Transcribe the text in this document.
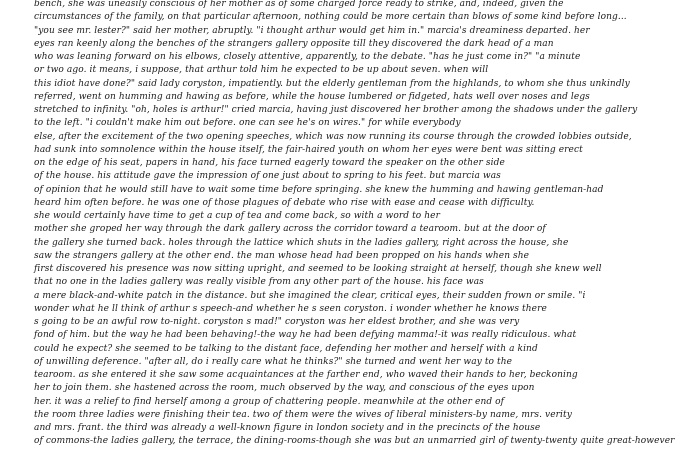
bench, she was uneasily conscious of her mother as of some charged force ready to strike, and, indeed, given the
circumstances of the family, on that particular afternoon, nothing could be more certain than blows of some kind before long...
"you see mr. lester?" said her mother, abruptly. "i thought arthur would get him in." marcia's dreaminess departed. her
eyes ran keenly along the benches of the strangers gallery opposite till they discovered the dark head of a man
who was leaning forward on his elbows, closely attentive, apparently, to the debate. "has he just come in?" "a minute
or two ago. it means, i suppose, that arthur told him he expected to be up about seven. when will
this idiot have done?" said lady coryston, impatiently. but the elderly gentleman from the highlands, to whom she thus unkindly
referred, went on humming and hawing as before, while the house lumbered or fidgeted, hats well over noses and legs
stretched to infinity. "oh, holes is arthur!" cried marcia, having just discovered her brother among the shadows under the gallery
to the left. "i couldn't make him out before. one can see he's on wires." for while everybody
else, after the excitement of the two opening speeches, which was now running its course through the crowded lobbies outside,
had sunk into somnolence within the house itself, the fair-haired youth on whom her eyes were bent was sitting erect
on the edge of his seat, papers in hand, his face turned eagerly toward the speaker on the other side
of the house. his attitude gave the impression of one just about to spring to his feet. but marcia was
of opinion that he would still have to wait some time before springing. she knew the humming and hawing gentleman-had
heard him often before. he was one of those plagues of debate who rise with ease and cease with difficulty.
she would certainly have time to get a cup of tea and come back, so with a word to her
mother she groped her way through the dark gallery across the corridor toward a tearoom. but at the door of
the gallery she turned back. holes through the lattice which shuts in the ladies gallery, right across the house, she
saw the strangers gallery at the other end. the man whose head had been propped on his hands when she
first discovered his presence was now sitting upright, and seemed to be looking straight at herself, though she knew well
that no one in the ladies gallery was really visible from any other part of the house. his face was
a mere black-and-white patch in the distance. but she imagined the clear, critical eyes, their sudden frown or smile. "i
wonder what he ll think of arthur s speech-and whether he s seen coryston. i wonder whether he knows there
s going to be an awful row to-night. coryston s mad!" coryston was her eldest brother, and she was very
fond of him. but the way he had been behaving!-the way he had been defying mamma!-it was really ridiculous. what
could he expect? she seemed to be talking to the distant face, defending her mother and herself with a kind
of unwilling deference. "after all, do i really care what he thinks?" she turned and went her way to the
tearoom. as she entered it she saw some acquaintances at the farther end, who waved their hands to her, beckoning
her to join them. she hastened across the room, much observed by the way, and conscious of the eyes upon
her. it was a relief to find herself among a group of chattering people. meanwhile at the other end of
the room three ladies were finishing their tea. two of them were the wives of liberal ministers-by name, mrs. verity
and mrs. frant. the third was already a well-known figure in london society and in the precincts of the house
of commons-the ladies gallery, the terrace, the dining-rooms-though she was but an unmarried girl of twenty-twenty quite great-however
